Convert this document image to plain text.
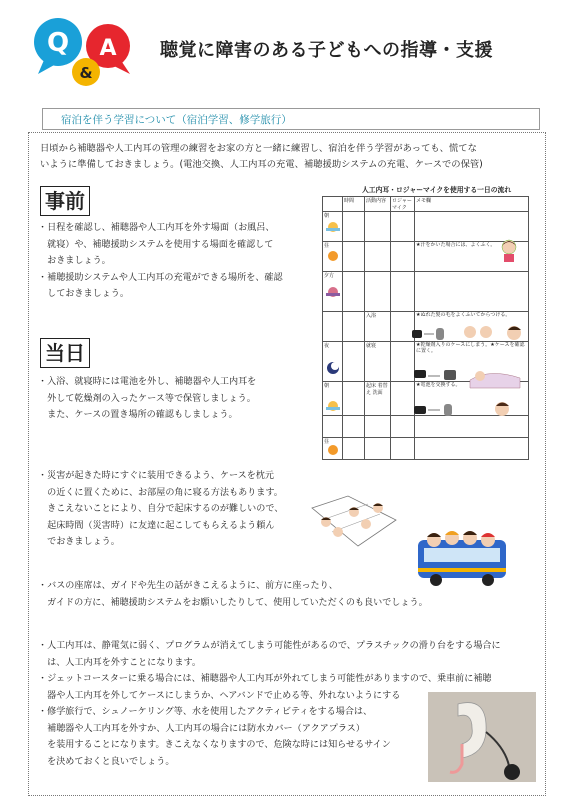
Q A
&
聴覚に障害のある子どもへの指導・支援
宿泊を伴う学習について（宿泊学習、修学旅行）
日頃から補聴器や人工内耳の管理の練習をお家の方と一緒に練習し、宿泊を伴う学習があっても、慌てな
いように準備しておきましょう。(電池交換、人工内耳の充電、補聴援助システムの充電、ケースでの保管)
事前
・日程を確認し、補聴器や人工内耳を外す場面（お風呂、
　就寝）や、補聴援助システムを使用する場面を確認して
　おきましょう。
・補聴援助システムや人工内耳の充電ができる場所を、確認
　しておきましょう。
当日
・入浴、就寝時には電池を外し、補聴器や人工内耳を
　外して乾燥剤の入ったケース等で保管しましょう。
　また、ケースの置き場所の確認もしましょう。
・災害が起きた時にすぐに装用できるよう、ケースを枕元
　の近くに置くために、お部屋の角に寝る方法もあります。
　きこえないことにより、自分で起床するのが難しいので、
　起床時間（災害時）に友達に起こしてもらえるよう頼ん
　でおきましょう。
・バスの座席は、ガイドや先生の話がきこえるように、前方に座ったり、
　ガイドの方に、補聴援助システムをお願いしたりして、使用していただくのも良いでしょう。
・人工内耳は、静電気に弱く、プログラムが消えてしまう可能性があるので、プラスチックの滑り台をする場合に
　は、人工内耳を外すことになります。
・ジェットコースターに乗る場合には、補聴器や人工内耳が外れてしまう可能性がありますので、乗車前に補聴
　器や人工内耳を外してケースにしまうか、ヘアバンドで止める等、外れないようにする
・修学旅行で、シュノーケリング等、水を使用したアクティビティをする場合は、
　補聴器や人工内耳を外すか、人工内耳の場合には防水カバー（アクアプラス）
　を装用することになります。きこえなくなりますので、危険な時には知らせるサイン
　を決めておくと良いでしょう。
人工内耳・ロジャーマイクを使用する一日の流れ
	時間	活動内容	ロジャーマイク	メモ欄
朝				
昼				★汗をかいた場合には、よくふく。
夕方				
		入浴		★ぬれた髪の毛をよくふいてからつける。
夜		就寝		★乾燥剤入りのケースにしまう。★ケースを確認に置く。
朝		起床 着替え 洗面		★電池を交換する。

昼				
